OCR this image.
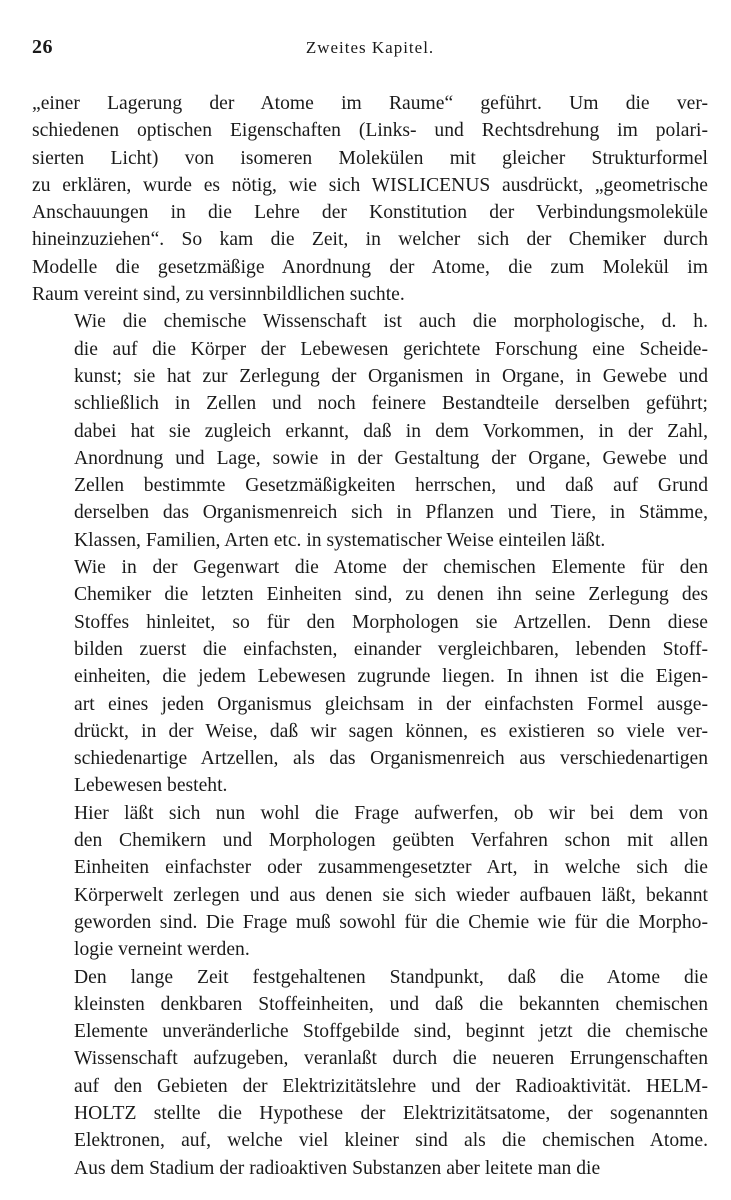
26	Zweites Kapitel.

„einer Lagerung der Atome im Raume“ geführt. Um die ver-
schiedenen optischen Eigenschaften (Links- und Rechtsdrehung im polari-
sierten Licht) von isomeren Molekülen mit gleicher Strukturformel
zu erklären, wurde es nötig, wie sich WISLICENUS ausdrückt, „geometrische
Anschauungen in die Lehre der Konstitution der Verbindungsmoleküle
hineinzuziehen“. So kam die Zeit, in welcher sich der Chemiker durch
Modelle die gesetzmäßige Anordnung der Atome, die zum Molekül im
Raum vereint sind, zu versinnbildlichen suchte.

Wie die chemische Wissenschaft ist auch die morphologische, d. h.
die auf die Körper der Lebewesen gerichtete Forschung eine Scheide-
kunst; sie hat zur Zerlegung der Organismen in Organe, in Gewebe und
schließlich in Zellen und noch feinere Bestandteile derselben geführt;
dabei hat sie zugleich erkannt, daß in dem Vorkommen, in der Zahl,
Anordnung und Lage, sowie in der Gestaltung der Organe, Gewebe und
Zellen bestimmte Gesetzmäßigkeiten herrschen, und daß auf Grund
derselben das Organismenreich sich in Pflanzen und Tiere, in Stämme,
Klassen, Familien, Arten etc. in systematischer Weise einteilen läßt.

Wie in der Gegenwart die Atome der chemischen Elemente für den
Chemiker die letzten Einheiten sind, zu denen ihn seine Zerlegung des
Stoffes hinleitet, so für den Morphologen sie Artzellen. Denn diese
bilden zuerst die einfachsten, einander vergleichbaren, lebenden Stoff-
einheiten, die jedem Lebewesen zugrunde liegen. In ihnen ist die Eigen-
art eines jeden Organismus gleichsam in der einfachsten Formel ausge-
drückt, in der Weise, daß wir sagen können, es existieren so viele ver-
schiedenartige Artzellen, als das Organismenreich aus verschiedenartigen
Lebewesen besteht.

Hier läßt sich nun wohl die Frage aufwerfen, ob wir bei dem von
den Chemikern und Morphologen geübten Verfahren schon mit allen
Einheiten einfachster oder zusammengesetzter Art, in welche sich die
Körperwelt zerlegen und aus denen sie sich wieder aufbauen läßt, bekannt
geworden sind. Die Frage muß sowohl für die Chemie wie für die Morpho-
logie verneint werden.

Den lange Zeit festgehaltenen Standpunkt, daß die Atome die
kleinsten denkbaren Stoffeinheiten, und daß die bekannten chemischen
Elemente unveränderliche Stoffgebilde sind, beginnt jetzt die chemische
Wissenschaft aufzugeben, veranlaßt durch die neueren Errungenschaften
auf den Gebieten der Elektrizitätslehre und der Radioaktivität. HELM-
HOLTZ stellte die Hypothese der Elektrizitätsatome, der sogenannten
Elektronen, auf, welche viel kleiner sind als die chemischen Atome.
Aus dem Stadium der radioaktiven Substanzen aber leitete man die
